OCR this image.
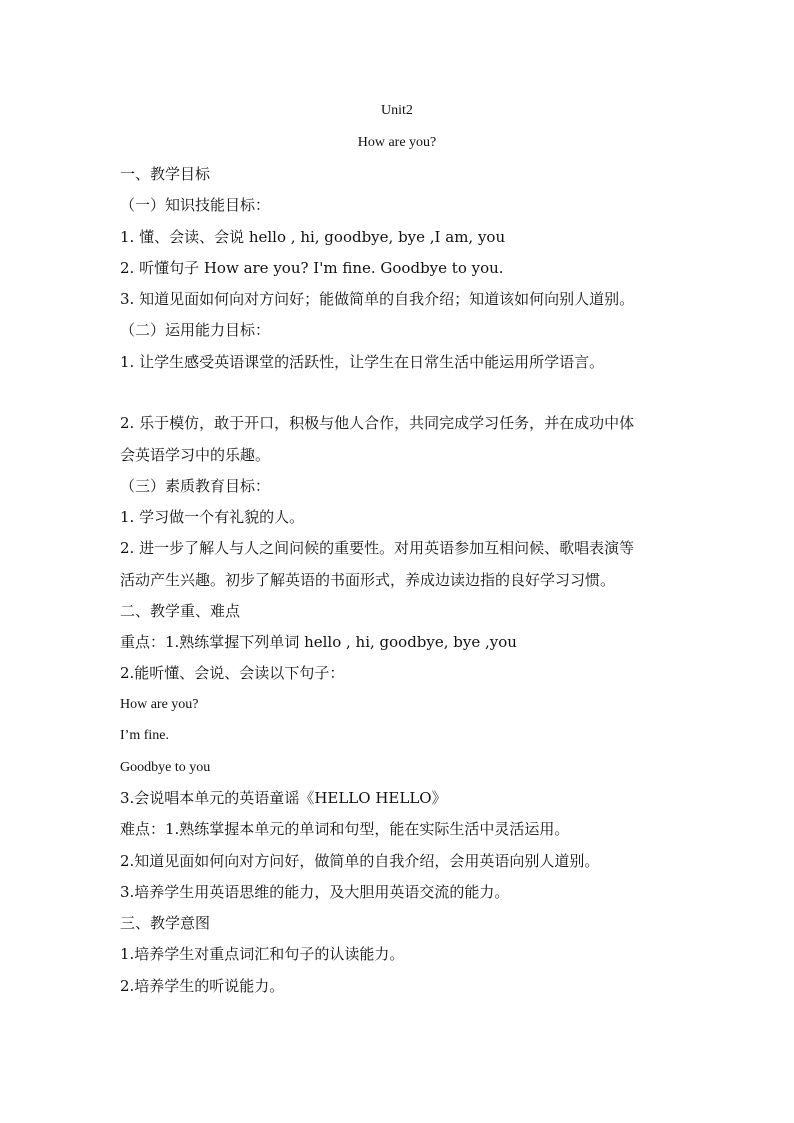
Unit2
How are you?
一、教学目标
（一）知识技能目标：
1. 懂、会读、会说 hello , hi, goodbye, bye ,I am, you
2. 听懂句子 How are you? I'm fine. Goodbye to you.
3. 知道见面如何向对方问好；能做简单的自我介绍；知道该如何向别人道别。
（二）运用能力目标：
1. 让学生感受英语课堂的活跃性，让学生在日常生活中能运用所学语言。
2. 乐于模仿，敢于开口，积极与他人合作，共同完成学习任务，并在成功中体
会英语学习中的乐趣。
（三）素质教育目标：
1. 学习做一个有礼貌的人。
2. 进一步了解人与人之间问候的重要性。对用英语参加互相问候、歌唱表演等
活动产生兴趣。初步了解英语的书面形式，养成边读边指的良好学习习惯。
二、教学重、难点
重点：1.熟练掌握下列单词 hello , hi, goodbye, bye ,you
2.能听懂、会说、会读以下句子：
How are you?
I’m fine.
Goodbye to you
3.会说唱本单元的英语童谣《HELLO HELLO》
难点：1.熟练掌握本单元的单词和句型，能在实际生活中灵活运用。
2.知道见面如何向对方问好，做简单的自我介绍，会用英语向别人道别。
3.培养学生用英语思维的能力，及大胆用英语交流的能力。
三、教学意图
1.培养学生对重点词汇和句子的认读能力。
2.培养学生的听说能力。
